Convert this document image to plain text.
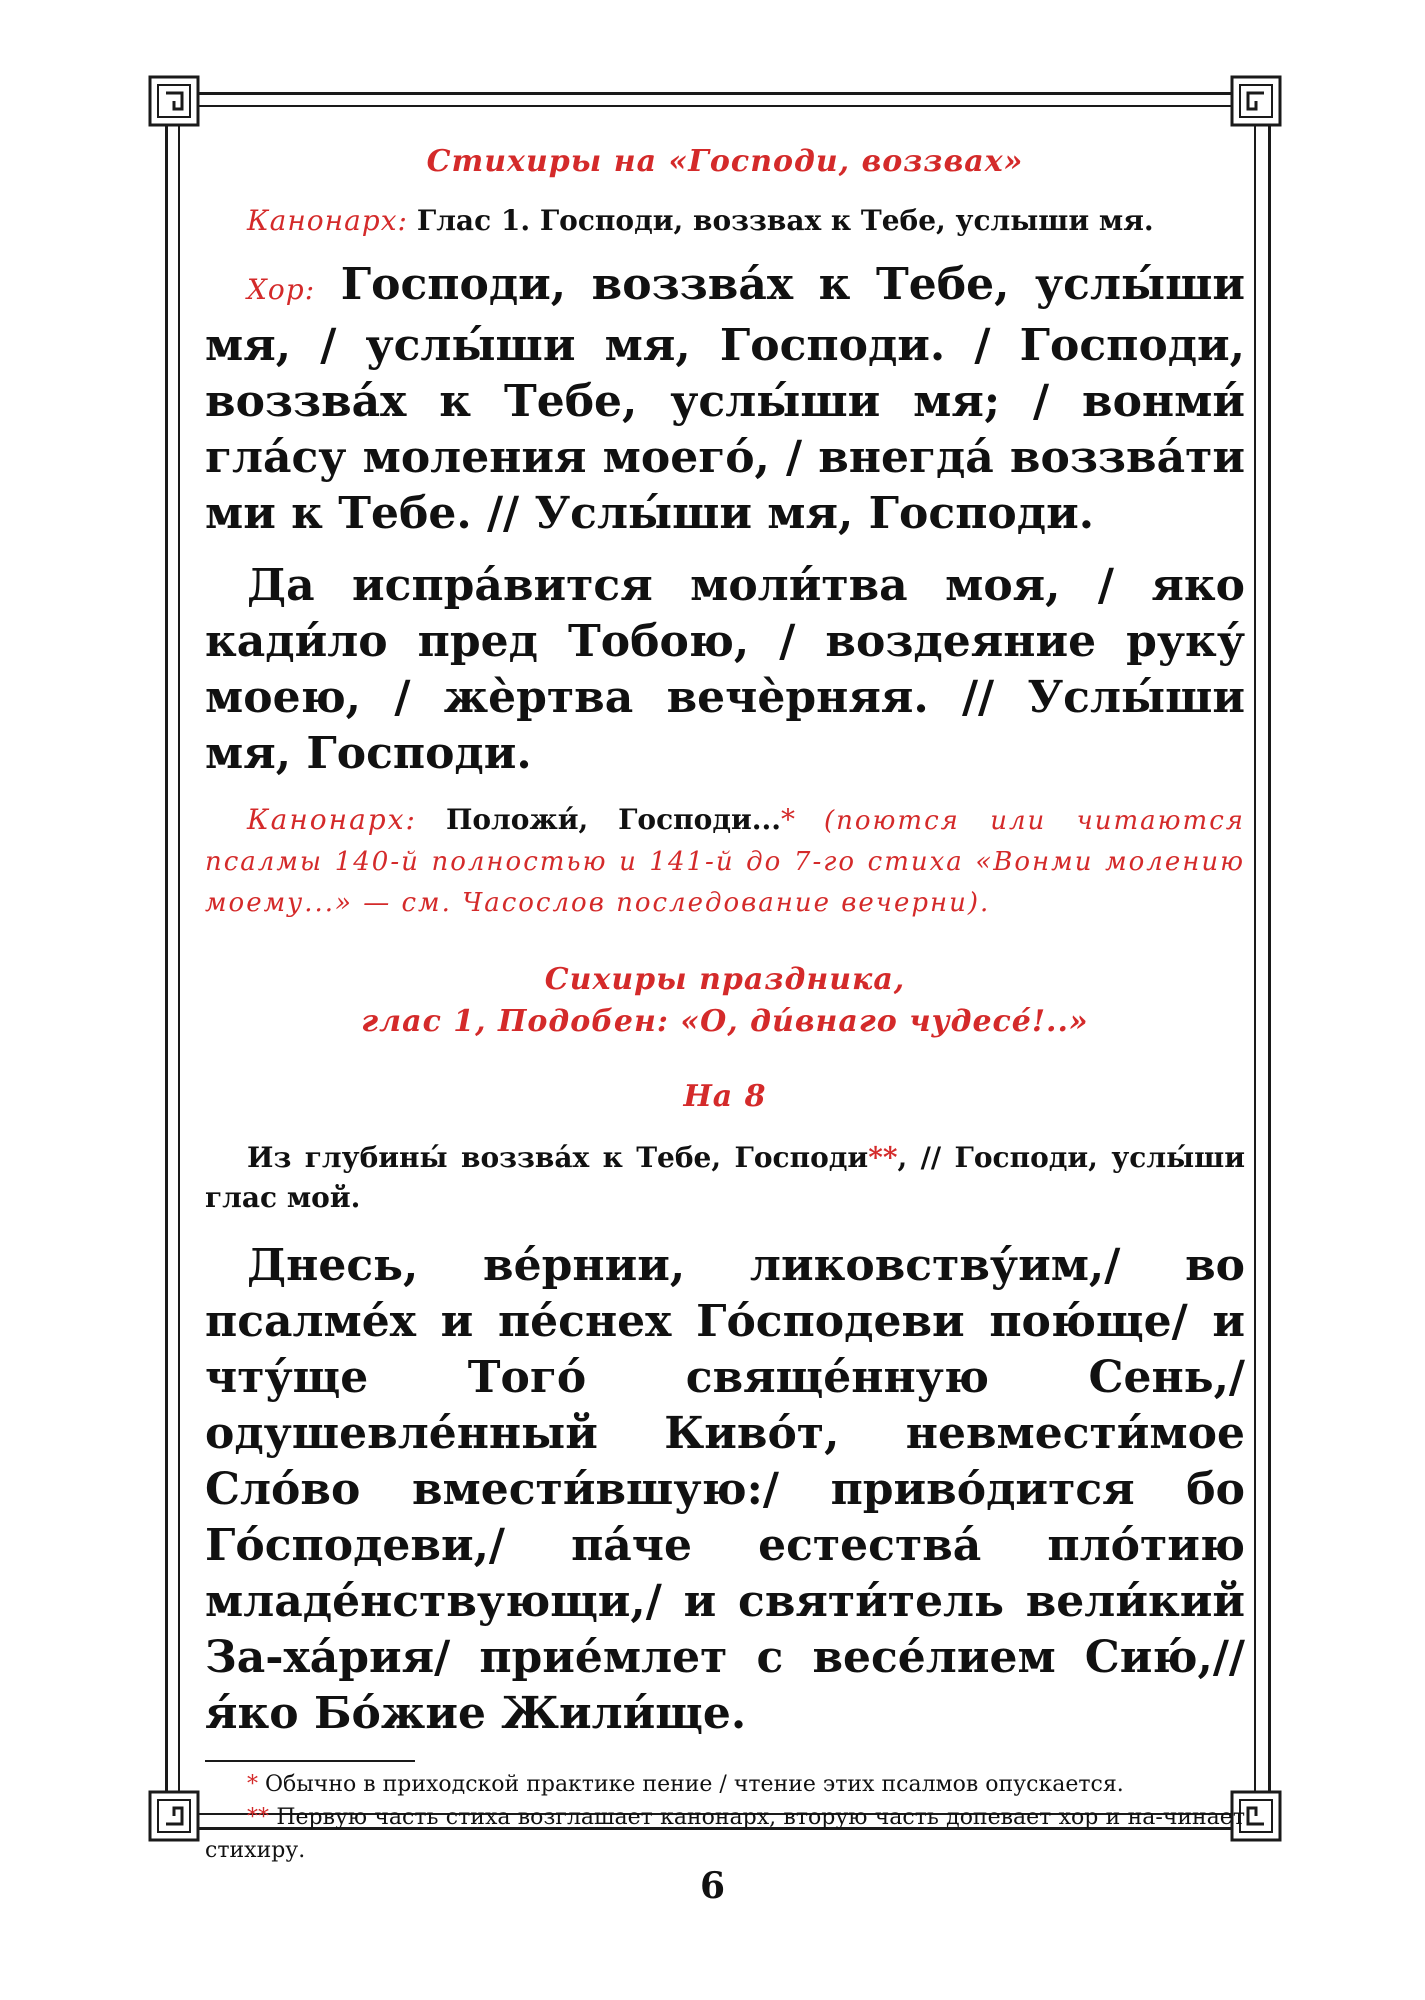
Стихиры на «Господи, воззвах»
Канонарх: Глас 1. Господи, воззвах к Тебе, услыши мя.
Хор: Господи, воззва́х к Тебе, услы́ши мя, / услы́ши мя, Господи. / Господи, воззва́х к Тебе, услы́ши мя; / вонми́ гла́су моления моего́, / внегда́ воззва́ти ми к Тебе. // Услы́ши мя, Господи.
Да испра́вится моли́тва моя, / яко кади́ло пред Тобою, / воздеяние руку́ моею, / жѐртва вечѐрняя. // Услы́ши мя, Господи.
Канонарх: Положи́, Господи...* (поются или читаются псалмы 140-й полностью и 141-й до 7-го стиха «Вонми молению моему...» — см. Часослов последование вечерни).
Сихиры праздника,
глас 1, Подобен: «О, ди́внаго чудесе́!..»
На 8
Из глубины́ воззва́х к Тебе, Господи**, // Господи, услы́ши глас мой.
Днесь, ве́рнии, ликовству́им,/ во псалме́х и пе́снех Го́сподеви пою́ще/ и чту́ще Того́ свяще́нную Сень,/ одушевле́нный Киво́т, невмести́мое Сло́во вмести́вшую:/ приво́дится бо Го́сподеви,/ па́че естества́ пло́тию младе́нствующи,/ и святи́тель вели́кий За-ха́рия/ прие́млет с весе́лием Сию́,// я́ко Бо́жие Жили́ще.
* Обычно в приходской практике пение / чтение этих псалмов опускается.
** Первую часть стиха возглашает канонарх, вторую часть допевает хор и на-чинает стихиру.
6
